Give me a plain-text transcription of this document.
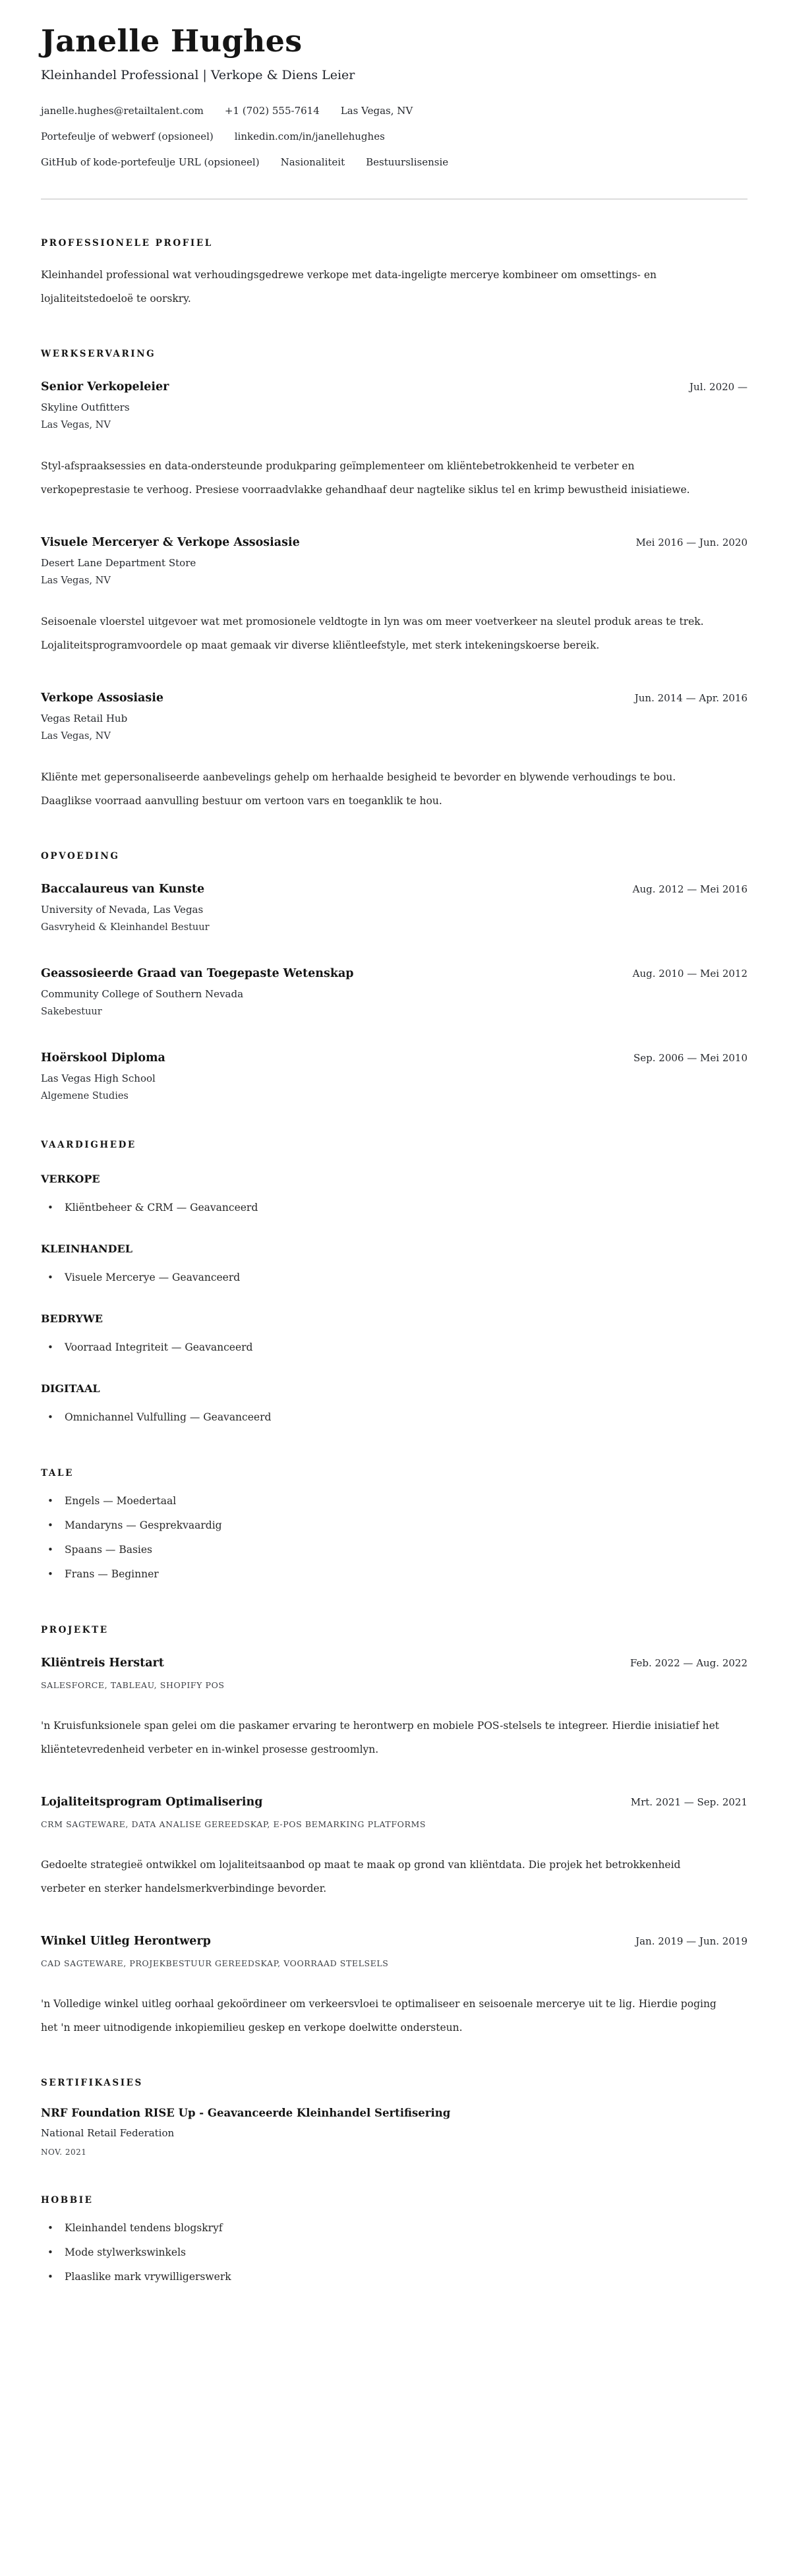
Janelle Hughes
Kleinhandel Professional | Verkope & Diens Leier
janelle.hughes@retailtalent.com +1 (702) 555-7614 Las Vegas, NV
Portefeulje of webwerf (opsioneel) linkedin.com/in/janellehughes
GitHub of kode-portefeulje URL (opsioneel) Nasionaliteit Bestuurslisensie
PROFESSIONELE PROFIEL

Kleinhandel professional wat verhoudingsgedrewe verkope met data-ingeligte mercerye kombineer om omsettings- en lojaliteitstedoeloë te oorskry.

WERKSERVARING
Senior Verkopeleier	Jul. 2020 —
Skyline Outfitters
Las Vegas, NV

Styl-afspraaksessies en data-ondersteunde produkparing geïmplementeer om kliëntebetrokkenheid te verbeter en verkopeprestasie te verhoog. Presiese voorraadvlakke gehandhaaf deur nagtelike siklus tel en krimp bewustheid inisiatiewe.

Visuele Merceryer & Verkope Assosiasie	Mei 2016 — Jun. 2020
Desert Lane Department Store
Las Vegas, NV

Seisoenale vloerstel uitgevoer wat met promosionele veldtogte in lyn was om meer voetverkeer na sleutel produk areas te trek. Lojaliteitsprogramvoordele op maat gemaak vir diverse kliëntleefstyle, met sterk intekeningskoerse bereik.

Verkope Assosiasie	Jun. 2014 — Apr. 2016
Vegas Retail Hub
Las Vegas, NV

Kliënte met gepersonaliseerde aanbevelings gehelp om herhaalde besigheid te bevorder en blywende verhoudings te bou. Daaglikse voorraad aanvulling bestuur om vertoon vars en toeganklik te hou.

OPVOEDING
Baccalaureus van Kunste	Aug. 2012 — Mei 2016
University of Nevada, Las Vegas
Gasvryheid & Kleinhandel Bestuur
Geassosieerde Graad van Toegepaste Wetenskap	Aug. 2010 — Mei 2012
Community College of Southern Nevada
Sakebestuur
Hoërskool Diploma	Sep. 2006 — Mei 2010
Las Vegas High School
Algemene Studies
VAARDIGHEDE
VERKOPE
• Kliëntbeheer & CRM — Geavanceerd
KLEINHANDEL
• Visuele Mercerye — Geavanceerd
BEDRYWE
• Voorraad Integriteit — Geavanceerd
DIGITAAL
• Omnichannel Vulfulling — Geavanceerd
TALE
• Engels — Moedertaal
• Mandaryns — Gesprekvaardig
• Spaans — Basies
• Frans — Beginner
PROJEKTE
Kliëntreis Herstart	Feb. 2022 — Aug. 2022
SALESFORCE, TABLEAU, SHOPIFY POS

'n Kruisfunksionele span gelei om die paskamer ervaring te herontwerp en mobiele POS-stelsels te integreer. Hierdie inisiatief het kliëntetevredenheid verbeter en in-winkel prosesse gestroomlyn.

Lojaliteitsprogram Optimalisering	Mrt. 2021 — Sep. 2021
CRM SAGTEWARE, DATA ANALISE GEREEDSKAP, E-POS BEMARKING PLATFORMS

Gedoelte strategieë ontwikkel om lojaliteitsaanbod op maat te maak op grond van kliëntdata. Die projek het betrokkenheid verbeter en sterker handelsmerkverbindinge bevorder.

Winkel Uitleg Herontwerp	Jan. 2019 — Jun. 2019
CAD SAGTEWARE, PROJEKBESTUUR GEREEDSKAP, VOORRAAD STELSELS

'n Volledige winkel uitleg oorhaal gekoördineer om verkeersvloei te optimaliseer en seisoenale mercerye uit te lig. Hierdie poging het 'n meer uitnodigende inkopiemilieu geskep en verkope doelwitte ondersteun.

SERTIFIKASIES
NRF Foundation RISE Up - Geavanceerde Kleinhandel Sertifisering
National Retail Federation
NOV. 2021
HOBBIE
• Kleinhandel tendens blogskryf
• Mode stylwerkswinkels
• Plaaslike mark vrywilligerswerk
